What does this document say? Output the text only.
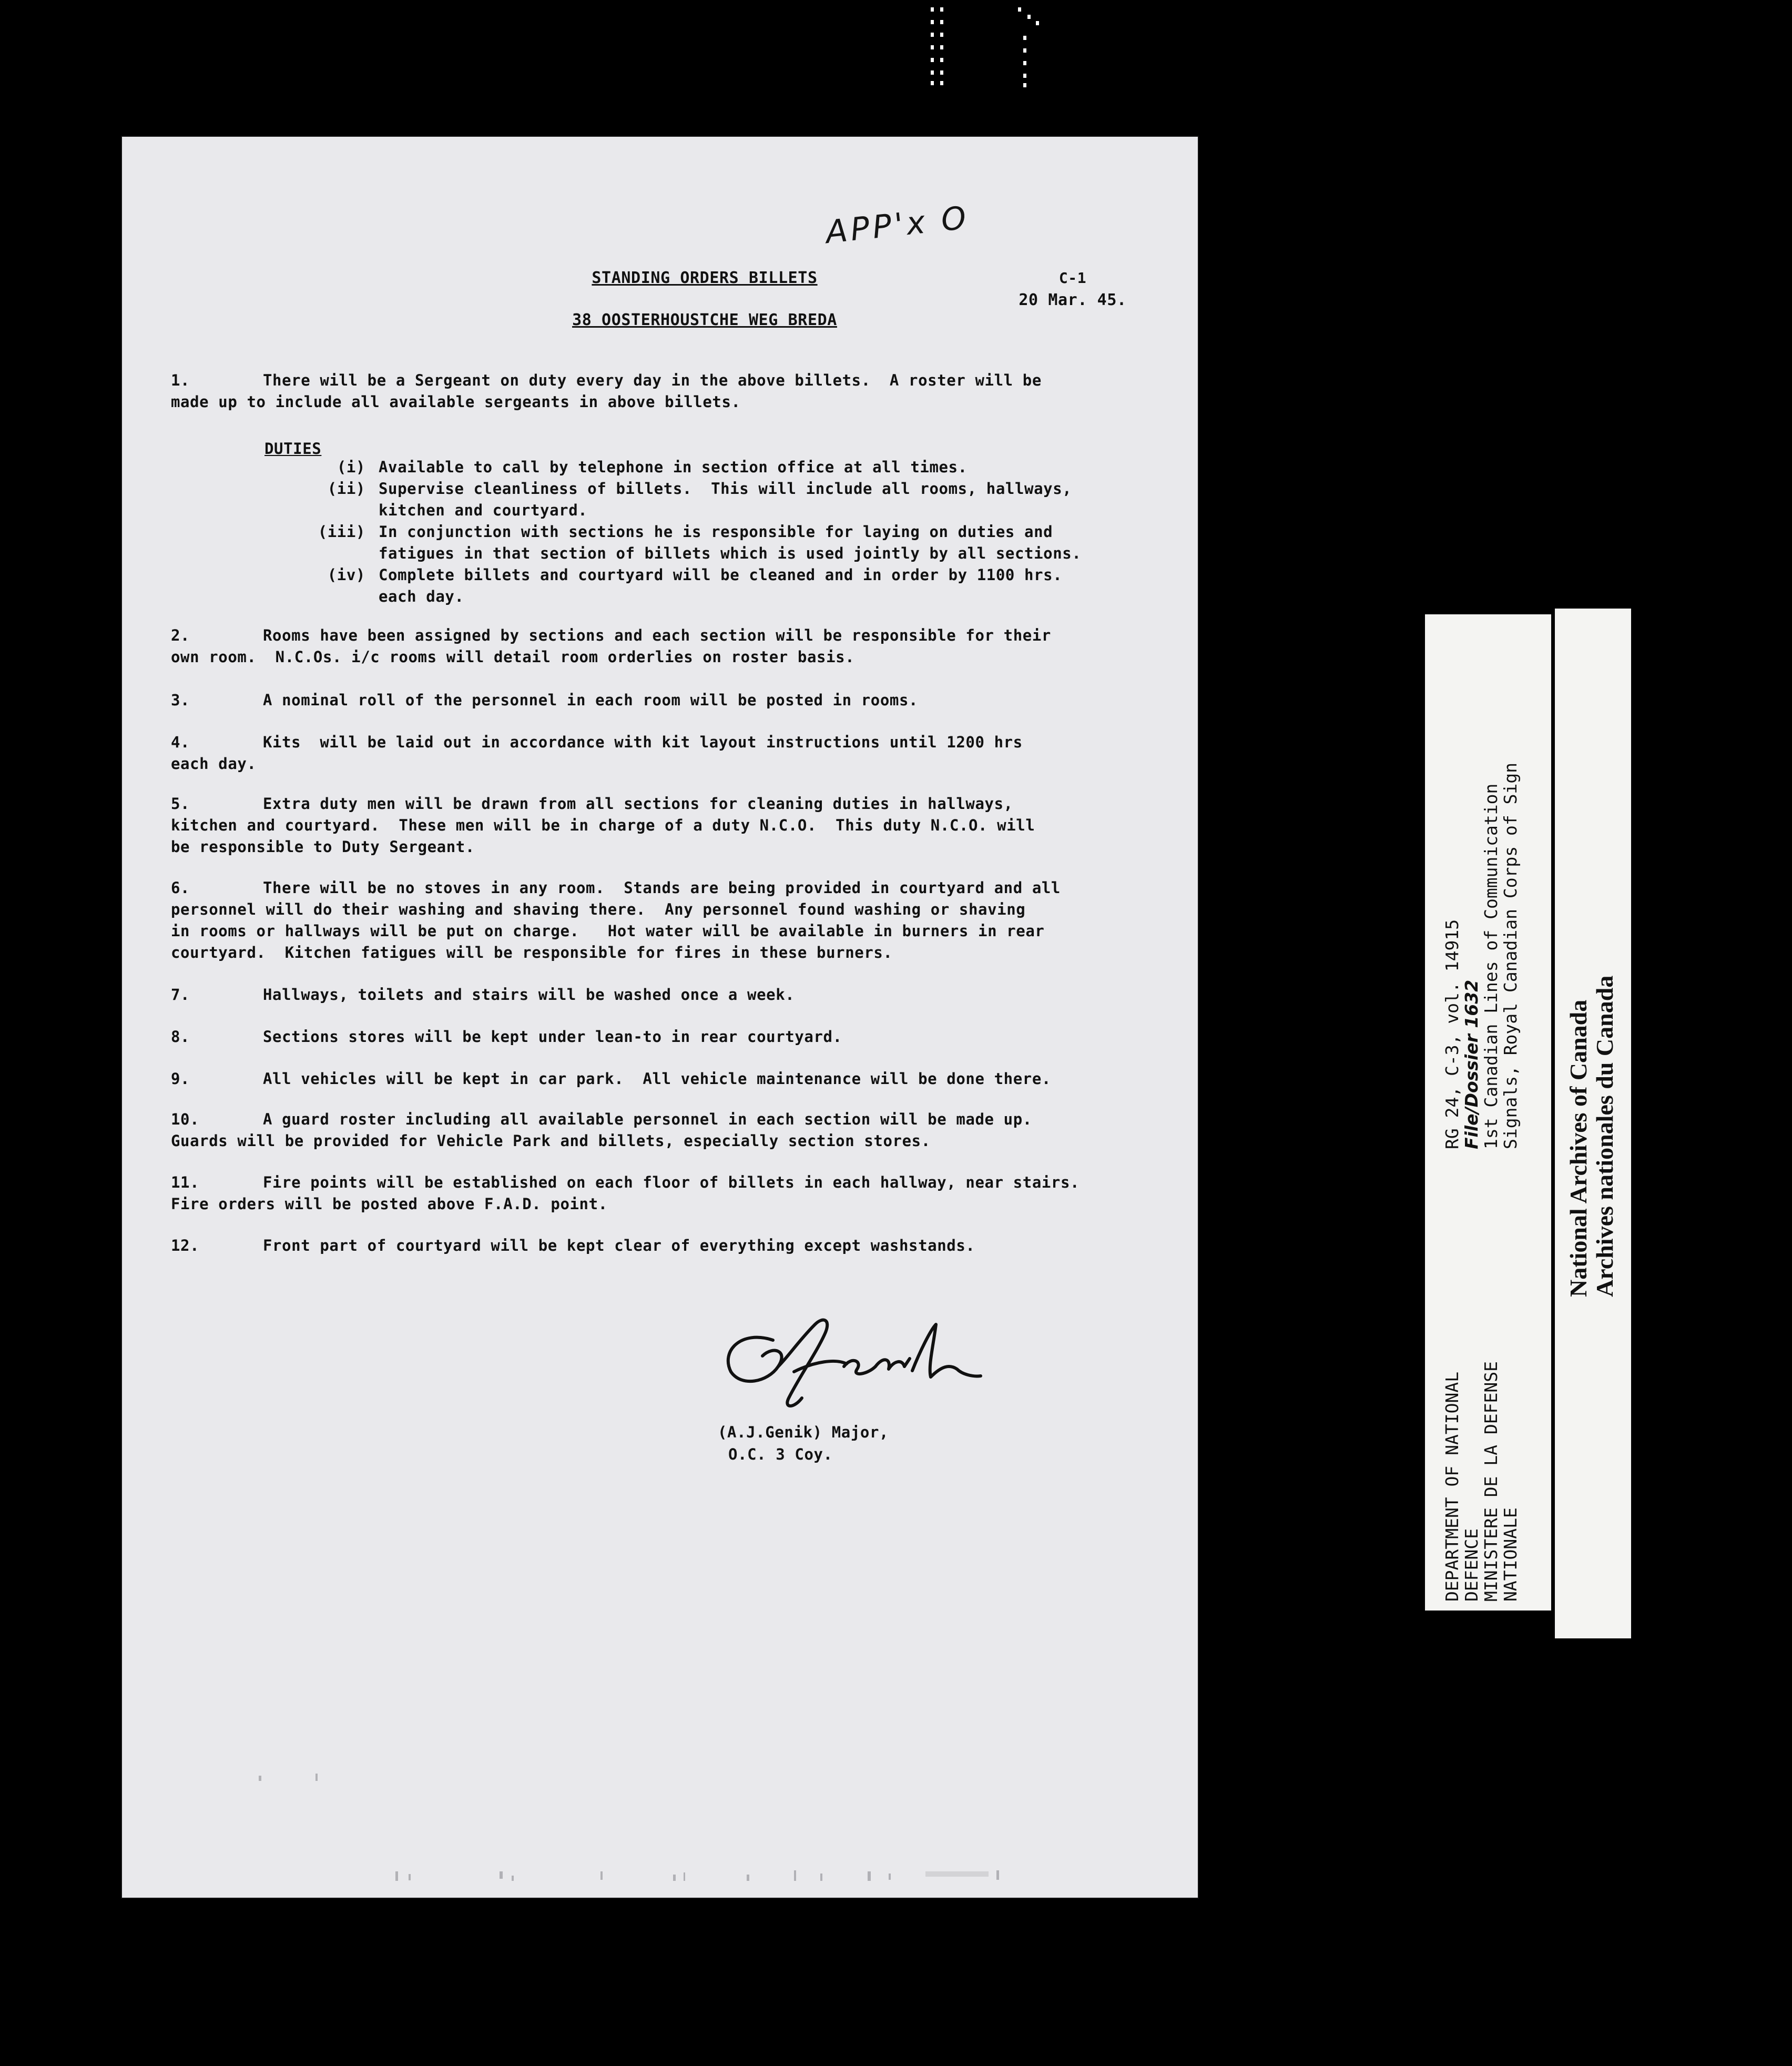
APP'x O
STANDING ORDERS BILLETS
38 OOSTERHOUSTCHE WEG BREDA
C-1
20 Mar. 45.
1.	There will be a Sergeant on duty every day in the above billets.  A roster will be
made up to include all available sergeants in above billets.
DUTIES
(i) Available to call by telephone in section office at all times.
(ii) Supervise cleanliness of billets.  This will include all rooms, hallways,
kitchen and courtyard.
(iii) In conjunction with sections he is responsible for laying on duties and
fatigues in that section of billets which is used jointly by all sections.
(iv) Complete billets and courtyard will be cleaned and in order by 1100 hrs.
each day.
2.	Rooms have been assigned by sections and each section will be responsible for their
own room.  N.C.Os. i/c rooms will detail room orderlies on roster basis.
3.	A nominal roll of the personnel in each room will be posted in rooms.
4.	Kits  will be laid out in accordance with kit layout instructions until 1200 hrs
each day.
5.	Extra duty men will be drawn from all sections for cleaning duties in hallways,
kitchen and courtyard.  These men will be in charge of a duty N.C.O.  This duty N.C.O. will
be responsible to Duty Sergeant.
6.	There will be no stoves in any room.  Stands are being provided in courtyard and all
personnel will do their washing and shaving there.  Any personnel found washing or shaving
in rooms or hallways will be put on charge.   Hot water will be available in burners in rear
courtyard.  Kitchen fatigues will be responsible for fires in these burners.
7.	Hallways, toilets and stairs will be washed once a week.
8.	Sections stores will be kept under lean-to in rear courtyard.
9.	All vehicles will be kept in car park.  All vehicle maintenance will be done there.
10.	A guard roster including all available personnel in each section will be made up.
Guards will be provided for Vehicle Park and billets, especially section stores.
11.	Fire points will be established on each floor of billets in each hallway, near stairs.
Fire orders will be posted above F.A.D. point.
12.	Front part of courtyard will be kept clear of everything except washstands.
(A.J.Genik) Major,
O.C. 3 Coy.	DEPARTMENT OF NATIONAL
DEFENCE
MINISTERE DE LA DEFENSE
NATIONALE
RG 24, C-3, vol. 14915
File/Dossier 1632
1st Canadian Lines of Communication
Signals, Royal Canadian Corps of Sign National Archives of Canada Archives nationales du Canada
